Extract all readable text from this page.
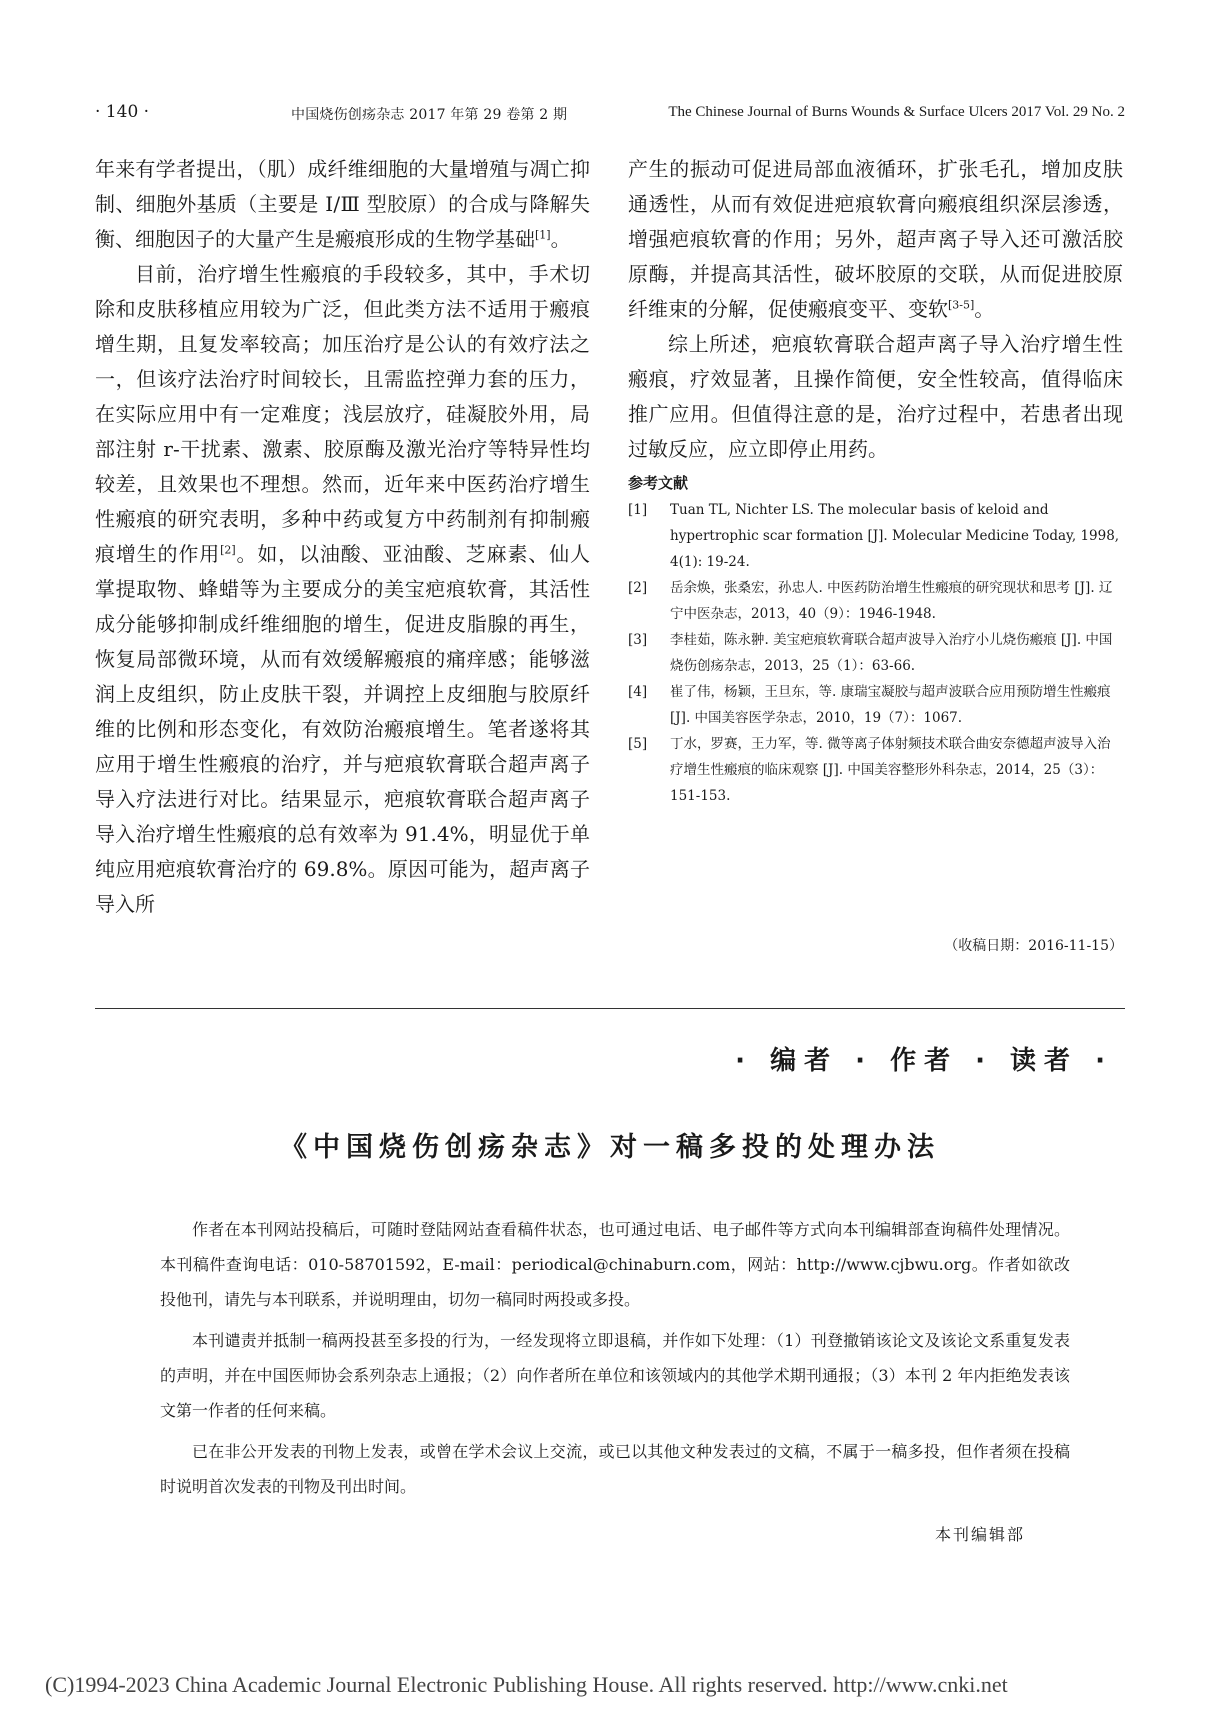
· 140 ·	中国烧伤创疡杂志 2017 年第 29 卷第 2 期	The Chinese Journal of Burns Wounds & Surface Ulcers 2017 Vol. 29 No. 2

年来有学者提出，（肌）成纤维细胞的大量增殖与凋亡抑制、细胞外基质（主要是 Ⅰ/Ⅲ 型胶原）的合成与降解失衡、细胞因子的大量产生是瘢痕形成的生物学基础[1]。

目前，治疗增生性瘢痕的手段较多，其中，手术切除和皮肤移植应用较为广泛，但此类方法不适用于瘢痕增生期，且复发率较高；加压治疗是公认的有效疗法之一，但该疗法治疗时间较长，且需监控弹力套的压力，在实际应用中有一定难度；浅层放疗，硅凝胶外用，局部注射 r-干扰素、激素、胶原酶及激光治疗等特异性均较差，且效果也不理想。然而，近年来中医药治疗增生性瘢痕的研究表明，多种中药或复方中药制剂有抑制瘢痕增生的作用[2]。如，以油酸、亚油酸、芝麻素、仙人掌提取物、蜂蜡等为主要成分的美宝疤痕软膏，其活性成分能够抑制成纤维细胞的增生，促进皮脂腺的再生，恢复局部微环境，从而有效缓解瘢痕的痛痒感；能够滋润上皮组织，防止皮肤干裂，并调控上皮细胞与胶原纤维的比例和形态变化，有效防治瘢痕增生。笔者遂将其应用于增生性瘢痕的治疗，并与疤痕软膏联合超声离子导入疗法进行对比。结果显示，疤痕软膏联合超声离子导入治疗增生性瘢痕的总有效率为 91.4%，明显优于单纯应用疤痕软膏治疗的 69.8%。原因可能为，超声离子导入所

产生的振动可促进局部血液循环，扩张毛孔，增加皮肤通透性，从而有效促进疤痕软膏向瘢痕组织深层渗透，增强疤痕软膏的作用；另外，超声离子导入还可激活胶原酶，并提高其活性，破坏胶原的交联，从而促进胶原纤维束的分解，促使瘢痕变平、变软[3-5]。

综上所述，疤痕软膏联合超声离子导入治疗增生性瘢痕，疗效显著，且操作简便，安全性较高，值得临床推广应用。但值得注意的是，治疗过程中，若患者出现过敏反应，应立即停止用药。

参考文献

[1] Tuan TL, Nichter LS. The molecular basis of keloid and hypertrophic scar formation [J]. Molecular Medicine Today, 1998, 4(1): 19-24.

[2] 岳余焕，张桑宏，孙忠人. 中医药防治增生性瘢痕的研究现状和思考 [J]. 辽宁中医杂志，2013，40（9）：1946-1948.

[3] 李桂茹，陈永翀. 美宝疤痕软膏联合超声波导入治疗小儿烧伤瘢痕 [J]. 中国烧伤创疡杂志，2013，25（1）：63-66.

[4] 崔了伟，杨颖，王旦东，等. 康瑞宝凝胶与超声波联合应用预防增生性瘢痕 [J]. 中国美容医学杂志，2010，19（7）：1067.

[5] 丁水，罗赛，王力军，等. 微等离子体射频技术联合曲安奈德超声波导入治疗增生性瘢痕的临床观察 [J]. 中国美容整形外科杂志，2014，25（3）：151-153.

（收稿日期：2016-11-15）
· 编者 · 作者 · 读者 ·
《中国烧伤创疡杂志》对一稿多投的处理办法

作者在本刊网站投稿后，可随时登陆网站查看稿件状态，也可通过电话、电子邮件等方式向本刊编辑部查询稿件处理情况。本刊稿件查询电话：010-58701592，E-mail：periodical@chinaburn.com，网站：http://www.cjbwu.org。作者如欲改投他刊，请先与本刊联系，并说明理由，切勿一稿同时两投或多投。

本刊谴责并抵制一稿两投甚至多投的行为，一经发现将立即退稿，并作如下处理：（1）刊登撤销该论文及该论文系重复发表的声明，并在中国医师协会系列杂志上通报；（2）向作者所在单位和该领域内的其他学术期刊通报；（3）本刊 2 年内拒绝发表该文第一作者的任何来稿。

已在非公开发表的刊物上发表，或曾在学术会议上交流，或已以其他文种发表过的文稿，不属于一稿多投，但作者须在投稿时说明首次发表的刊物及刊出时间。

本刊编辑部
(C)1994-2023 China Academic Journal Electronic Publishing House. All rights reserved. http://www.cnki.net
